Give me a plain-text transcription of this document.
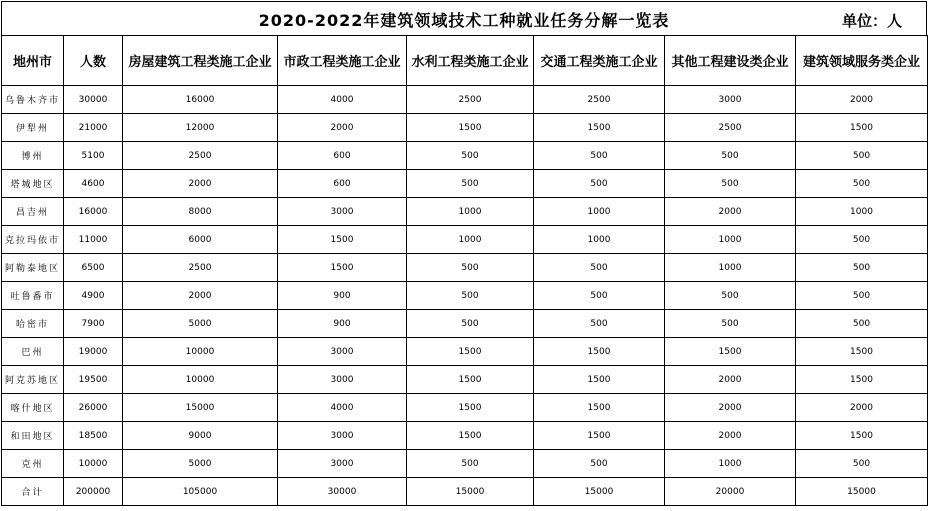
2020-2022年建筑领域技术工种就业任务分解一览表	单位：人
地州市	人数	房屋建筑工程类施工企业	市政工程类施工企业	水利工程类施工企业	交通工程类施工企业	其他工程建设类企业	建筑领域服务类企业
乌鲁木齐市	30000	16000	4000	2500	2500	3000	2000
伊犁州	21000	12000	2000	1500	1500	2500	1500
博州	5100	2500	600	500	500	500	500
塔城地区	4600	2000	600	500	500	500	500
昌吉州	16000	8000	3000	1000	1000	2000	1000
克拉玛依市	11000	6000	1500	1000	1000	1000	500
阿勒泰地区	6500	2500	1500	500	500	1000	500
吐鲁番市	4900	2000	900	500	500	500	500
哈密市	7900	5000	900	500	500	500	500
巴州	19000	10000	3000	1500	1500	1500	1500
阿克苏地区	19500	10000	3000	1500	1500	2000	1500
喀什地区	26000	15000	4000	1500	1500	2000	2000
和田地区	18500	9000	3000	1500	1500	2000	1500
克州	10000	5000	3000	500	500	1000	500
合计	200000	105000	30000	15000	15000	20000	15000
